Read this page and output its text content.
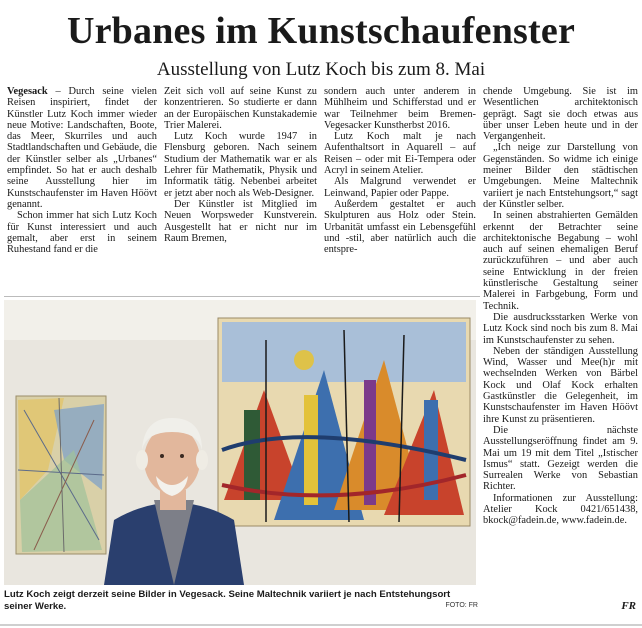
Urbanes im Kunstschaufenster
Ausstellung von Lutz Koch bis zum 8. Mai

Vegesack – Durch seine vielen Reisen inspiriert, findet der Künstler Lutz Koch immer wieder neue Motive: Landschaften, Boote, das Meer, Skurriles und auch Stadtlandschaften und Gebäude, die der Künstler selber als „Urbanes“ empfindet. So hat er auch deshalb seine Ausstellung hier im Kunstschaufenster im Haven Höövt genannt.

Schon immer hat sich Lutz Koch für Kunst interessiert und auch gemalt, aber erst in seinem Ruhestand fand er die

Zeit sich voll auf seine Kunst zu konzentrieren. So studierte er dann an der Europäischen Kunstakademie Trier Malerei.

Lutz Koch wurde 1947 in Flensburg geboren. Nach seinem Studium der Mathematik war er als Lehrer für Mathematik, Physik und Informatik tätig. Nebenbei arbeitet er jetzt aber noch als Web-Designer.

Der Künstler ist Mitglied im Neuen Worpsweder Kunstverein. Ausgestellt hat er nicht nur im Raum Bremen,

sondern auch unter anderem in Mühlheim und Schifferstad und er war Teilnehmer beim Bremen-Vegesacker Kunstherbst 2016.

Lutz Koch malt je nach Aufenthaltsort in Aquarell – auf Reisen – oder mit Ei-Tempera oder Acryl in seinem Atelier.

Als Malgrund verwendet er Leinwand, Papier oder Pappe.

Außerdem gestaltet er auch Skulpturen aus Holz oder Stein. Urbanität umfasst ein Lebensgefühl und -stil, aber natürlich auch die entspre-

chende Umgebung. Sie ist im Wesentlichen architektonisch geprägt. Sagt sie doch etwas aus über unser Leben heute und in der Vergangenheit.

„Ich neige zur Darstellung von Gegenständen. So widme ich einige meiner Bilder den städtischen Umgebungen. Meine Maltechnik variiert je nach Entstehungsort,“ sagt der Künstler selber.

In seinen abstrahierten Gemälden erkennt der Betrachter seine architektonische Begabung – wohl auch auf seinen ehemaligen Beruf zurückzuführen – und aber auch seine Entwicklung in der freien künstlerische Gestaltung seiner Malerei in Farbgebung, Form und Technik.

Die ausdrucksstarken Werke von Lutz Kock sind noch bis zum 8. Mai im Kunstschaufenster zu sehen.

Neben der ständigen Ausstellung Wind, Wasser und Mee(h)r mit wechselnden Werken von Bärbel Kock und Olaf Kock erhalten Gastkünstler die Gelegenheit, im Kunstschaufenster im Haven Höövt ihre Kunst zu präsentieren.

Die nächste Ausstellungseröffnung findet am 9. Mai um 19 mit dem Titel „Istischer Ismus“ statt. Gezeigt werden die Surrealen Werke von Sebastian Richter.

Informationen zur Ausstellung: Atelier Kock 0421/651438, bkock@fadein.de, www.fadein.de.

Lutz Koch zeigt derzeit seine Bilder in Vegesack. Seine Maltechnik variiert je nach Entstehungsort seiner Werke.	FOTO: FR	FR
